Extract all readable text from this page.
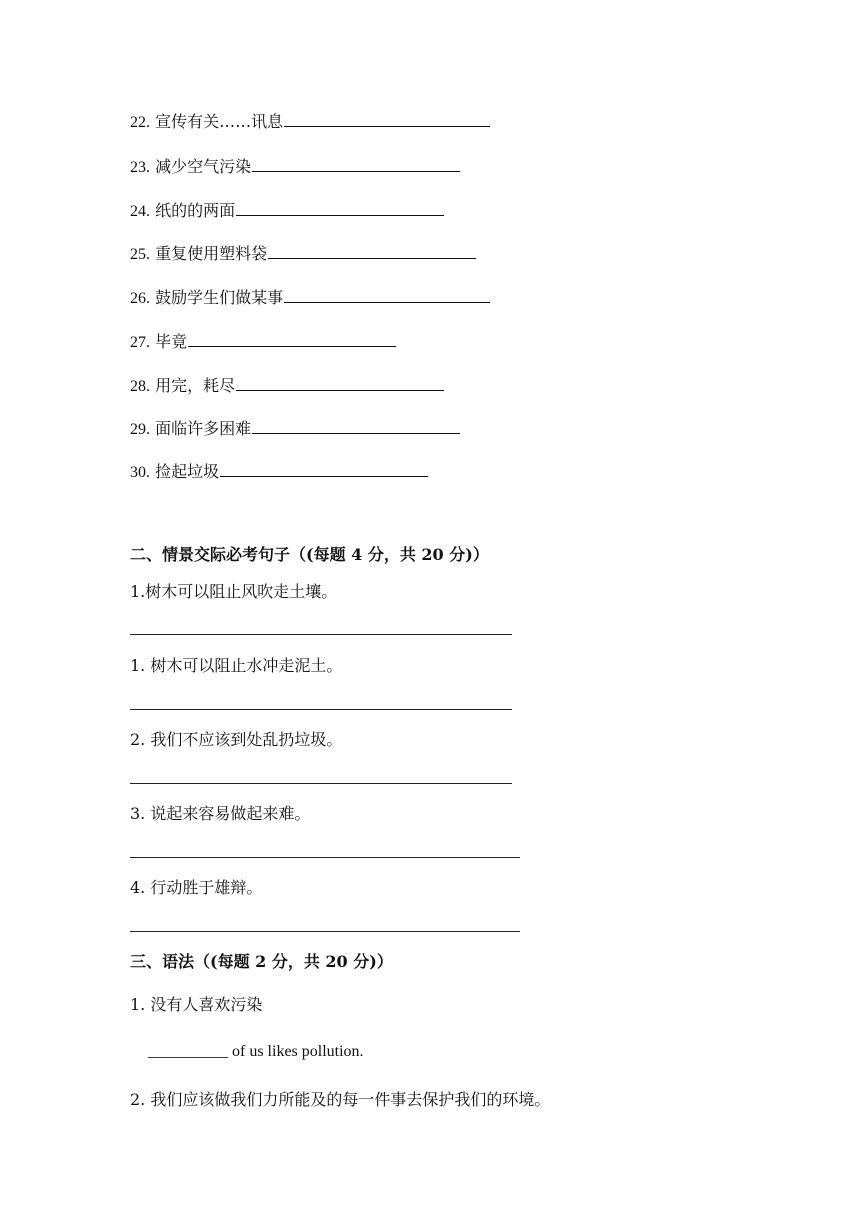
22. 宣传有关……讯息
23. 减少空气污染
24. 纸的的两面
25. 重复使用塑料袋
26. 鼓励学生们做某事
27. 毕竟
28. 用完，耗尽
29. 面临许多困难
30. 捡起垃圾
二、情景交际必考句子（(每题 4 分，共 20 分)）
1.树木可以阻止风吹走土壤。
1. 树木可以阻止水冲走泥土。
2. 我们不应该到处乱扔垃圾。
3. 说起来容易做起来难。
4. 行动胜于雄辩。
三、语法（(每题 2 分，共 20 分)）
1. 没有人喜欢污染
__________ of us likes pollution.
2. 我们应该做我们力所能及的每一件事去保护我们的环境。
